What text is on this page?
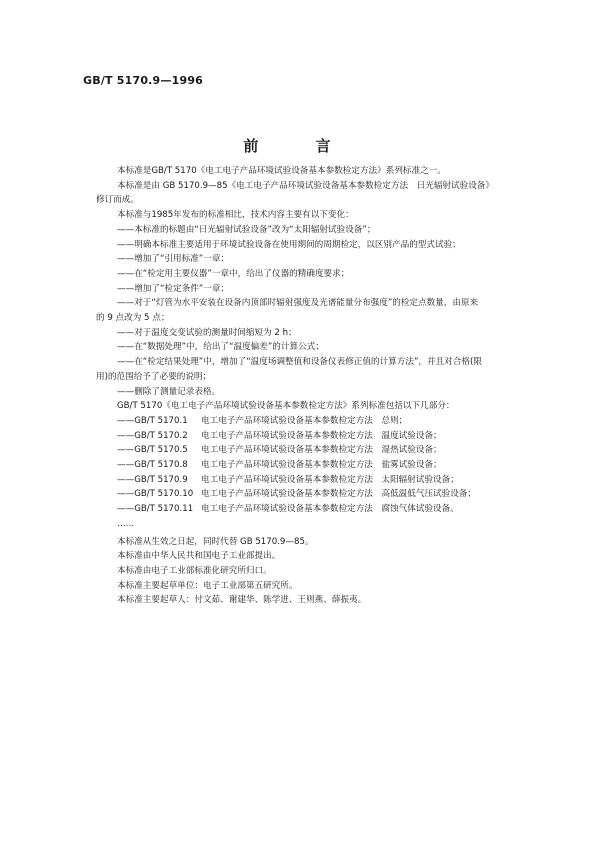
GB/T 5170.9—1996
前 言
本标准是GB/T 5170《电工电子产品环境试验设备基本参数检定方法》系列标准之一。
本标准是由 GB 5170.9—85《电工电子产品环境试验设备基本参数检定方法　日光辐射试验设备》
修订而成。
本标准与1985年发布的标准相比，技术内容主要有以下变化：
——本标准的标题由“日光辐射试验设备”改为“太阳辐射试验设备”；
——明确本标准主要适用于环境试验设备在使用期间的周期检定，以区别产品的型式试验；
——增加了“引用标准”一章；
——在“检定用主要仪器”一章中，给出了仪器的精确度要求；
——增加了“检定条件”一章；
——对于“灯管为水平安装在设备内顶部时辐射强度及光谱能量分布强度”的检定点数量，由原来
的 9 点改为 5 点；
——对于温度交变试验的测量时间缩短为 2 h；
——在“数据处理”中，给出了“温度偏差”的计算公式；
——在“检定结果处理”中，增加了“温度场调整值和设备仪表修正值的计算方法”，并且对合格(限
用)的范围给予了必要的说明；
——删除了测量记录表格。
GB/T 5170《电工电子产品环境试验设备基本参数检定方法》系列标准包括以下几部分：
——GB/T 5170.1 电工电子产品环境试验设备基本参数检定方法　总则；
——GB/T 5170.2 电工电子产品环境试验设备基本参数检定方法　温度试验设备；
——GB/T 5170.5 电工电子产品环境试验设备基本参数检定方法　湿热试验设备；
——GB/T 5170.8 电工电子产品环境试验设备基本参数检定方法　盐雾试验设备；
——GB/T 5170.9 电工电子产品环境试验设备基本参数检定方法　太阳辐射试验设备；
——GB/T 5170.10 电工电子产品环境试验设备基本参数检定方法　高低温低气压试验设备；
——GB/T 5170.11 电工电子产品环境试验设备基本参数检定方法　腐蚀气体试验设备。
……
本标准从生效之日起，同时代替 GB 5170.9—85。
本标准由中华人民共和国电子工业部提出。
本标准由电子工业部标准化研究所归口。
本标准主要起草单位：电子工业部第五研究所。
本标准主要起草人：付文茹、谢建华、陈学进、王则燕、薛振夷。
